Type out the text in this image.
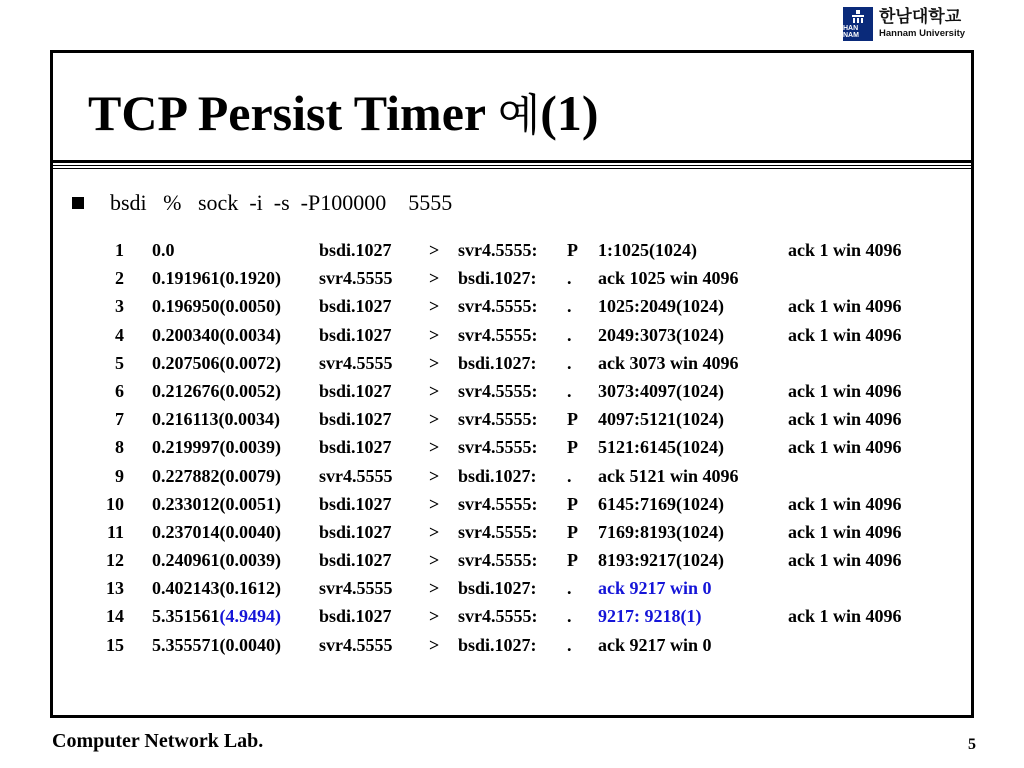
HAN NAM
한남대학교
Hannam University
TCP Persist Timer 예(1)
bsdi   %   sock  -i  -s  -P100000    5555
1 0.0	bsdi.1027 > svr4.5555: P 1:1025(1024)	ack 1 win 4096
2 0.191961(0.1920) svr4.5555 > bsdi.1027: . ack 1025 win 4096
3 0.196950(0.0050) bsdi.1027 > svr4.5555: . 1025:2049(1024)	ack 1 win 4096
4 0.200340(0.0034) bsdi.1027 > svr4.5555: . 2049:3073(1024)	ack 1 win 4096
5 0.207506(0.0072) svr4.5555 > bsdi.1027: . ack 3073 win 4096
6 0.212676(0.0052) bsdi.1027 > svr4.5555: . 3073:4097(1024)	ack 1 win 4096
7 0.216113(0.0034) bsdi.1027 > svr4.5555: P 4097:5121(1024)	ack 1 win 4096
8 0.219997(0.0039) bsdi.1027 > svr4.5555: P 5121:6145(1024)	ack 1 win 4096
9 0.227882(0.0079) svr4.5555 > bsdi.1027: . ack 5121 win 4096
10 0.233012(0.0051) bsdi.1027 > svr4.5555: P 6145:7169(1024)	ack 1 win 4096
11 0.237014(0.0040) bsdi.1027 > svr4.5555: P 7169:8193(1024)	ack 1 win 4096
12 0.240961(0.0039) bsdi.1027 > svr4.5555: P 8193:9217(1024)	ack 1 win 4096
13 0.402143(0.1612) svr4.5555 > bsdi.1027: . ack 9217 win 0
14 5.351561(4.9494) bsdi.1027 > svr4.5555: . 9217: 9218(1)	ack 1 win 4096
15 5.355571(0.0040) svr4.5555 > bsdi.1027: . ack 9217 win 0
Computer Network Lab.	5
